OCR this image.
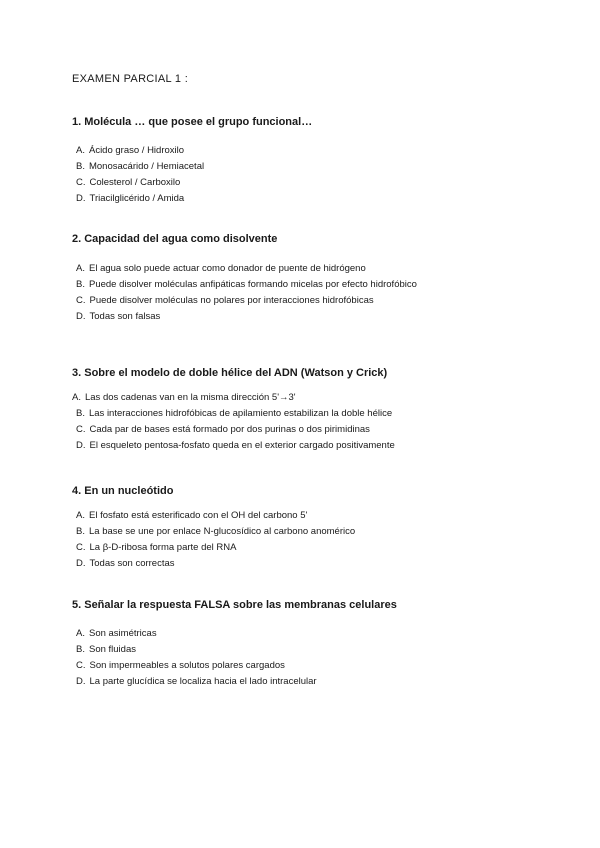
EXAMEN PARCIAL 1 :
1. Molécula … que posee el grupo funcional…
A. Ácido graso / Hidroxilo
B. Monosacárido / Hemiacetal
C. Colesterol / Carboxilo
D. Triacilglicérido / Amida
2. Capacidad del agua como disolvente
A. El agua solo puede actuar como donador de puente de hidrógeno
B. Puede disolver moléculas anfipáticas formando micelas por efecto hidrofóbico
C. Puede disolver moléculas no polares por interacciones hidrofóbicas
D. Todas son falsas
3. Sobre el modelo de doble hélice del ADN (Watson y Crick)
A. Las dos cadenas van en la misma dirección 5'→3'
B. Las interacciones hidrofóbicas de apilamiento estabilizan la doble hélice
C. Cada par de bases está formado por dos purinas o dos pirimidinas
D. El esqueleto pentosa-fosfato queda en el exterior cargado positivamente
4. En un nucleótido
A. El fosfato está esterificado con el OH del carbono 5'
B. La base se une por enlace N-glucosídico al carbono anomérico
C. La β-D-ribosa forma parte del RNA
D. Todas son correctas
5. Señalar la respuesta FALSA sobre las membranas celulares
A. Son asimétricas
B. Son fluidas
C. Son impermeables a solutos polares cargados
D. La parte glucídica se localiza hacia el lado intracelular
